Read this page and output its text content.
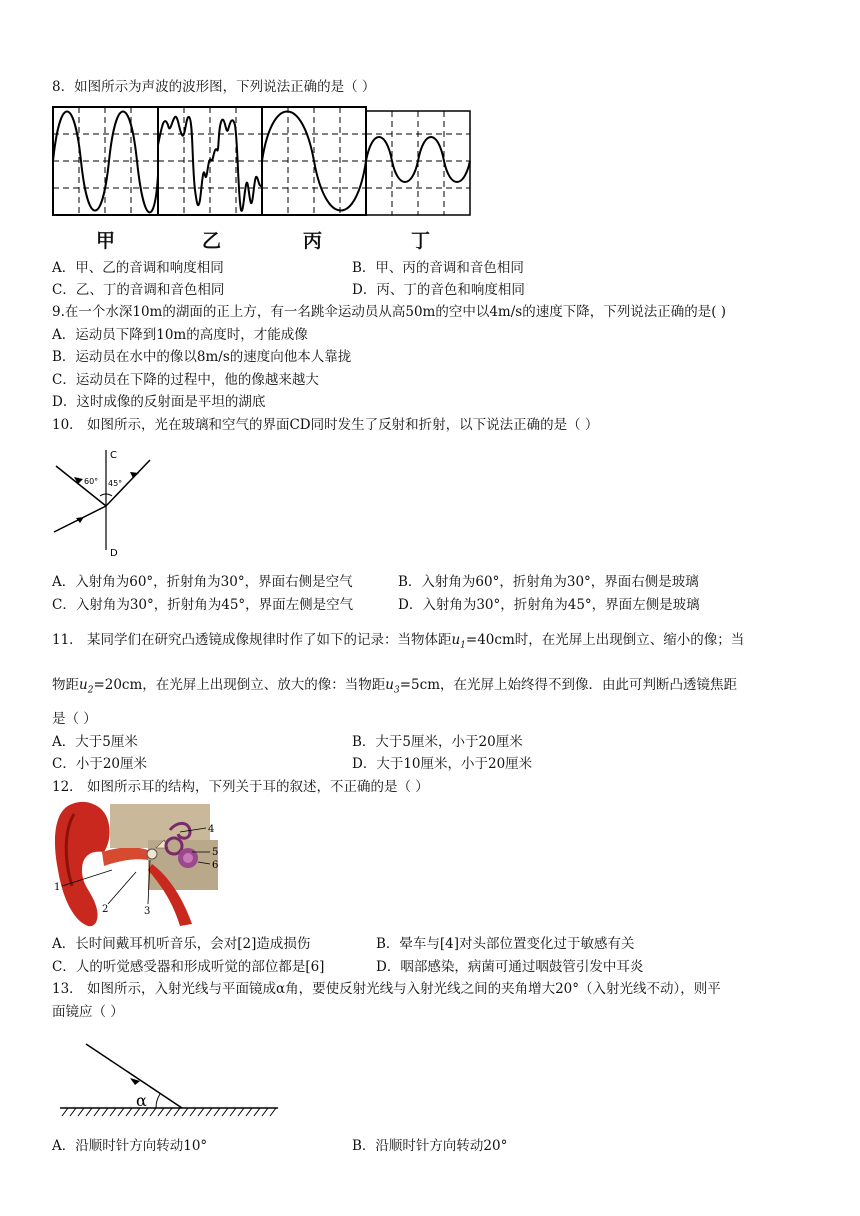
8．如图所示为声波的波形图，下列说法正确的是（ ）
甲	乙	丙	丁
A．甲、乙的音调和响度相同	B．甲、丙的音调和音色相同
C．乙、丁的音调和音色相同	D．丙、丁的音色和响度相同
9.在一个水深10m的湖面的正上方，有一名跳伞运动员从高50m的空中以4m/s的速度下降，下列说法正确的是( )
A．运动员下降到10m的高度时，才能成像
B．运动员在水中的像以8m/s的速度向他本人靠拢
C．运动员在下降的过程中，他的像越来越大
D．这时成像的反射面是平坦的湖底
10． 如图所示，光在玻璃和空气的界面CD同时发生了反射和折射，以下说法正确的是（ ）
C
D
60° 45°
A．入射角为60°，折射角为30°，界面右侧是空气	B．入射角为60°，折射角为30°，界面右侧是玻璃
C．入射角为30°，折射角为45°，界面左侧是空气	D．入射角为30°，折射角为45°，界面左侧是玻璃
11． 某同学们在研究凸透镜成像规律时作了如下的记录：当物体距$u_1=40cm$时，在光屏上出现倒立、缩小的像；当
物距$u_2=20cm$，在光屏上出现倒立、放大的像：当物距$u_3=5cm$，在光屏上始终得不到像．由此可判断凸透镜焦距
是（ ）
A．大于5厘米	B．大于5厘米，小于20厘米
C．小于20厘米	D．大于10厘米，小于20厘米
12． 如图所示耳的结构，下列关于耳的叙述，不正确的是（ ）
1
2	3
4
5
6
A．长时间戴耳机听音乐，会对[2]造成损伤	B．晕车与[4]对头部位置变化过于敏感有关
C．人的听觉感受器和形成听觉的部位都是[6]	D．咽部感染，病菌可通过咽鼓管引发中耳炎
13． 如图所示，入射光线与平面镜成α角，要使反射光线与入射光线之间的夹角增大20°（入射光线不动），则平
面镜应（ ）
α
A．沿顺时针方向转动10°	B．沿顺时针方向转动20°
